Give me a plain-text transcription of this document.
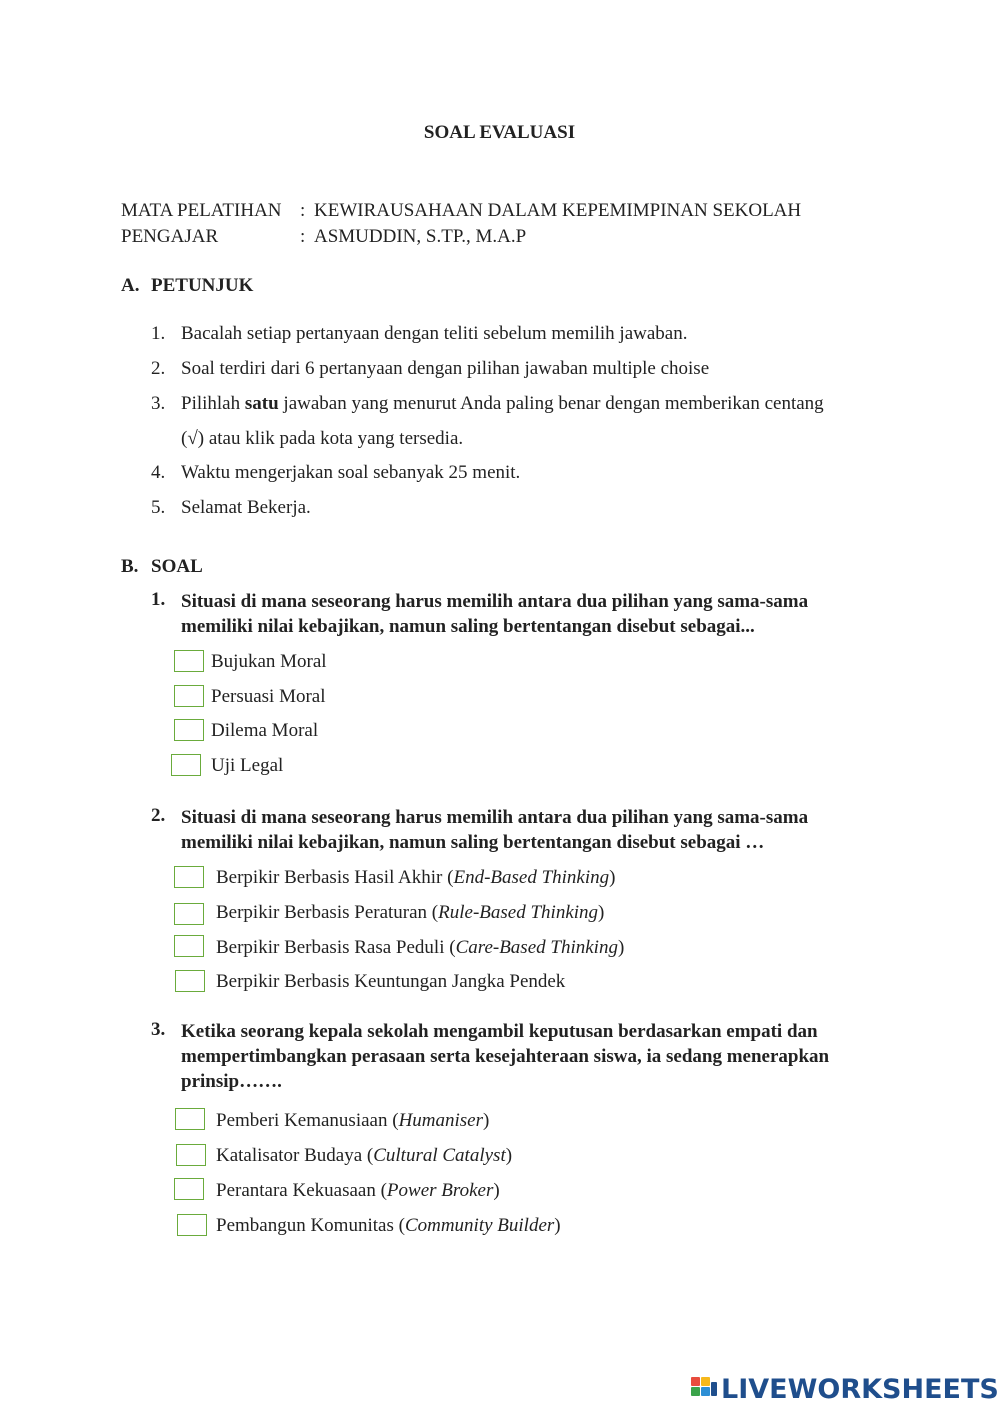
SOAL EVALUASI
MATA PELATIHAN : KEWIRAUSAHAAN DALAM KEPEMIMPINAN SEKOLAH
PENGAJAR	: ASMUDDIN, S.TP., M.A.P
A. PETUNJUK
1. Bacalah setiap pertanyaan dengan teliti sebelum memilih jawaban.
2. Soal terdiri dari 6 pertanyaan dengan pilihan jawaban multiple choise
3. Pilihlah satu jawaban yang menurut Anda paling benar dengan memberikan centang
(√) atau klik pada kota yang tersedia.
4. Waktu mengerjakan soal sebanyak 25 menit.
5. Selamat Bekerja.
B. SOAL
1. Situasi di mana seseorang harus memilih antara dua pilihan yang sama-sama
memiliki nilai kebajikan, namun saling bertentangan disebut sebagai...
Bujukan Moral
Persuasi Moral
Dilema Moral
Uji Legal
2. Situasi di mana seseorang harus memilih antara dua pilihan yang sama-sama
memiliki nilai kebajikan, namun saling bertentangan disebut sebagai …
Berpikir Berbasis Hasil Akhir (End-Based Thinking)
Berpikir Berbasis Peraturan (Rule-Based Thinking)
Berpikir Berbasis Rasa Peduli (Care-Based Thinking)
Berpikir Berbasis Keuntungan Jangka Pendek
3. Ketika seorang kepala sekolah mengambil keputusan berdasarkan empati dan
mempertimbangkan perasaan serta kesejahteraan siswa, ia sedang menerapkan
prinsip…….
Pemberi Kemanusiaan (Humaniser)
Katalisator Budaya (Cultural Catalyst)
Perantara Kekuasaan (Power Broker)
Pembangun Komunitas (Community Builder)
LIVEWORKSHEETS
